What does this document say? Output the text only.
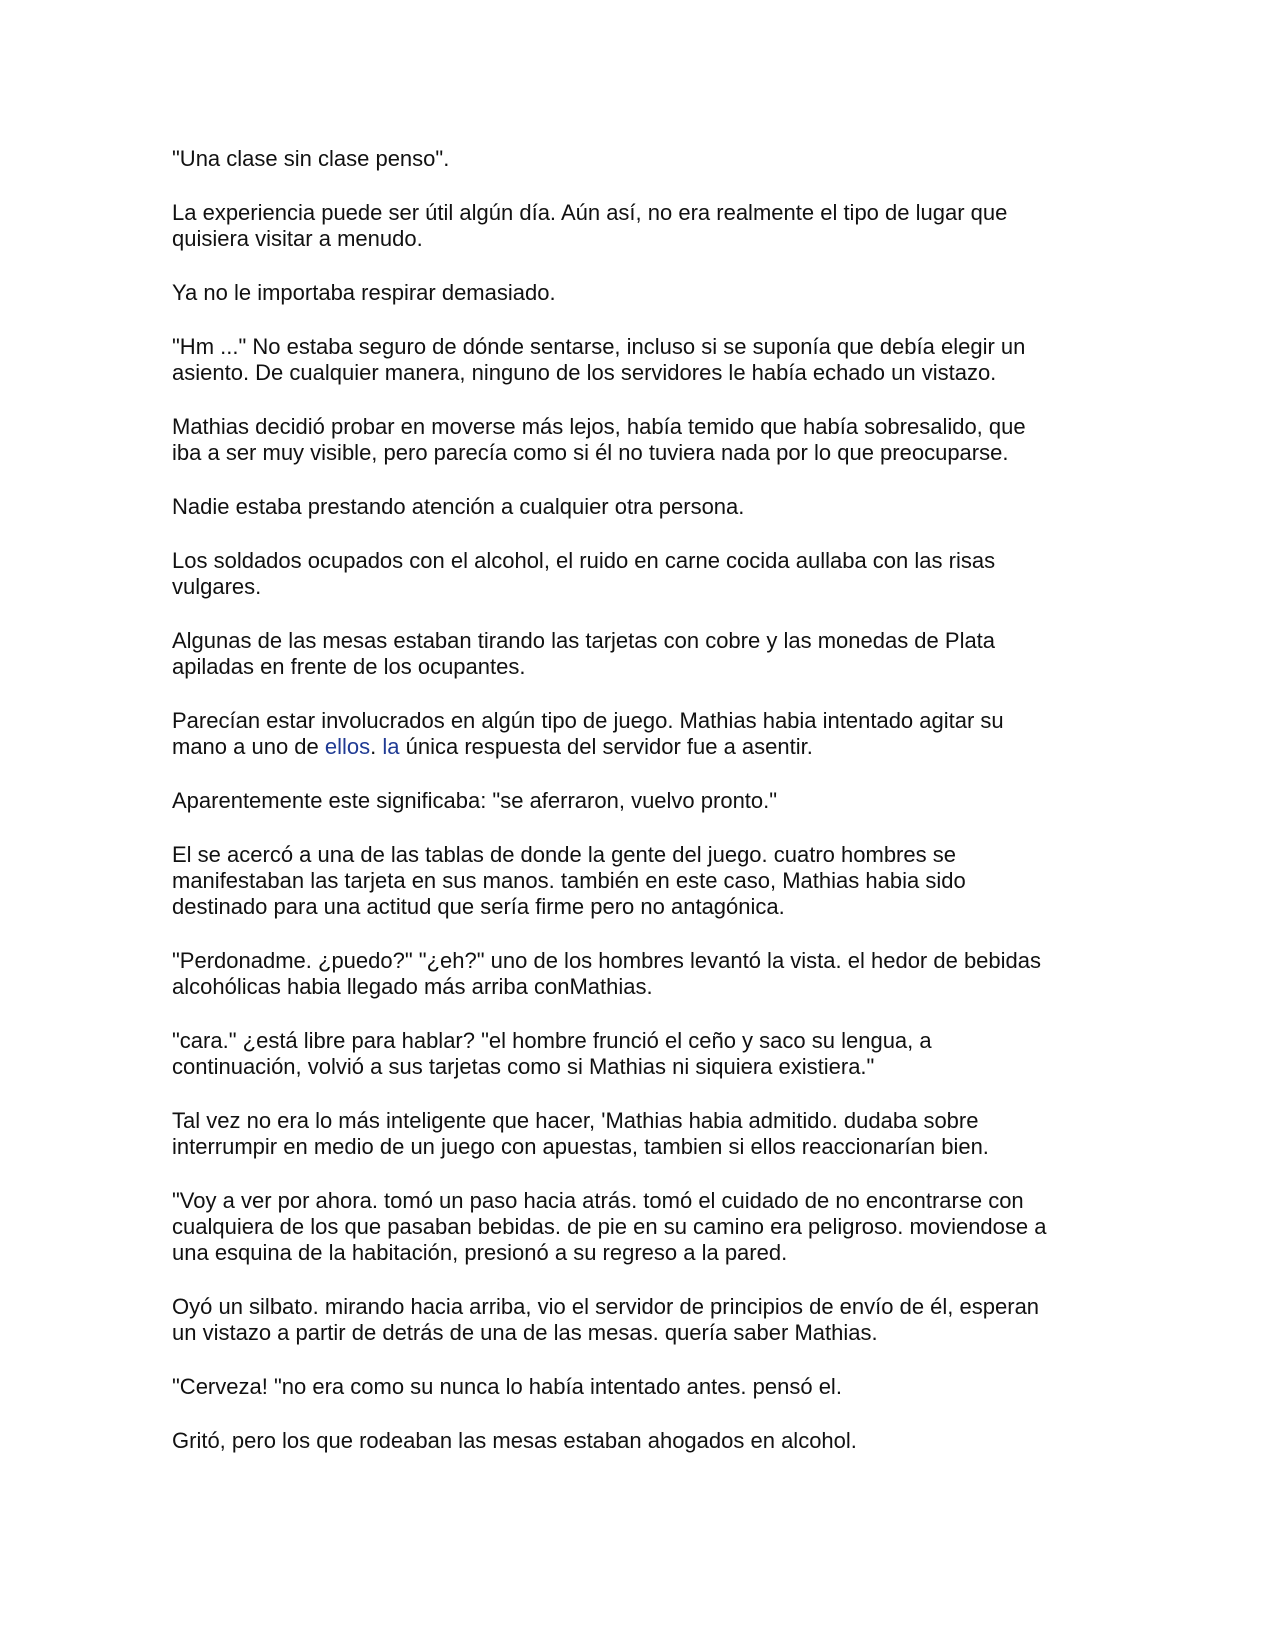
"Una clase sin clase penso".
La experiencia puede ser útil algún día. Aún así, no era realmente el tipo de lugar que
quisiera visitar a menudo.
Ya no le importaba respirar demasiado.
"Hm ..." No estaba seguro de dónde sentarse, incluso si se suponía que debía elegir un
asiento. De cualquier manera, ninguno de los servidores le había echado un vistazo.
Mathias decidió probar en moverse más lejos, había temido que había sobresalido, que
iba a ser muy visible, pero parecía como si él no tuviera nada por lo que preocuparse.
Nadie estaba prestando atención a cualquier otra persona.
Los soldados ocupados con el alcohol, el ruido en carne cocida aullaba con las risas
vulgares.
Algunas de las mesas estaban tirando las tarjetas con cobre y las monedas de Plata
apiladas en frente de los ocupantes.
Parecían estar involucrados en algún tipo de juego. Mathias habia intentado agitar su
mano a uno de ellos. la única respuesta del servidor fue a asentir.
Aparentemente este significaba: "se aferraron, vuelvo pronto."
El se acercó a una de las tablas de donde la gente del juego. cuatro hombres se
manifestaban las tarjeta en sus manos. también en este caso, Mathias habia sido
destinado para una actitud que sería firme pero no antagónica.
"Perdonadme. ¿puedo?" "¿eh?" uno de los hombres levantó la vista. el hedor de bebidas
alcohólicas habia llegado más arriba conMathias.
"cara." ¿está libre para hablar? "el hombre frunció el ceño y saco su lengua, a
continuación, volvió a sus tarjetas como si Mathias ni siquiera existiera."
Tal vez no era lo más inteligente que hacer, 'Mathias habia admitido. dudaba sobre
interrumpir en medio de un juego con apuestas, tambien si ellos reaccionarían bien.
"Voy a ver por ahora. tomó un paso hacia atrás. tomó el cuidado de no encontrarse con
cualquiera de los que pasaban bebidas. de pie en su camino era peligroso. moviendose a
una esquina de la habitación, presionó a su regreso a la pared.
Oyó un silbato. mirando hacia arriba, vio el servidor de principios de envío de él, esperan
un vistazo a partir de detrás de una de las mesas. quería saber Mathias.
"Cerveza! "no era como su nunca lo había intentado antes. pensó el.
Gritó, pero los que rodeaban las mesas estaban ahogados en alcohol.
